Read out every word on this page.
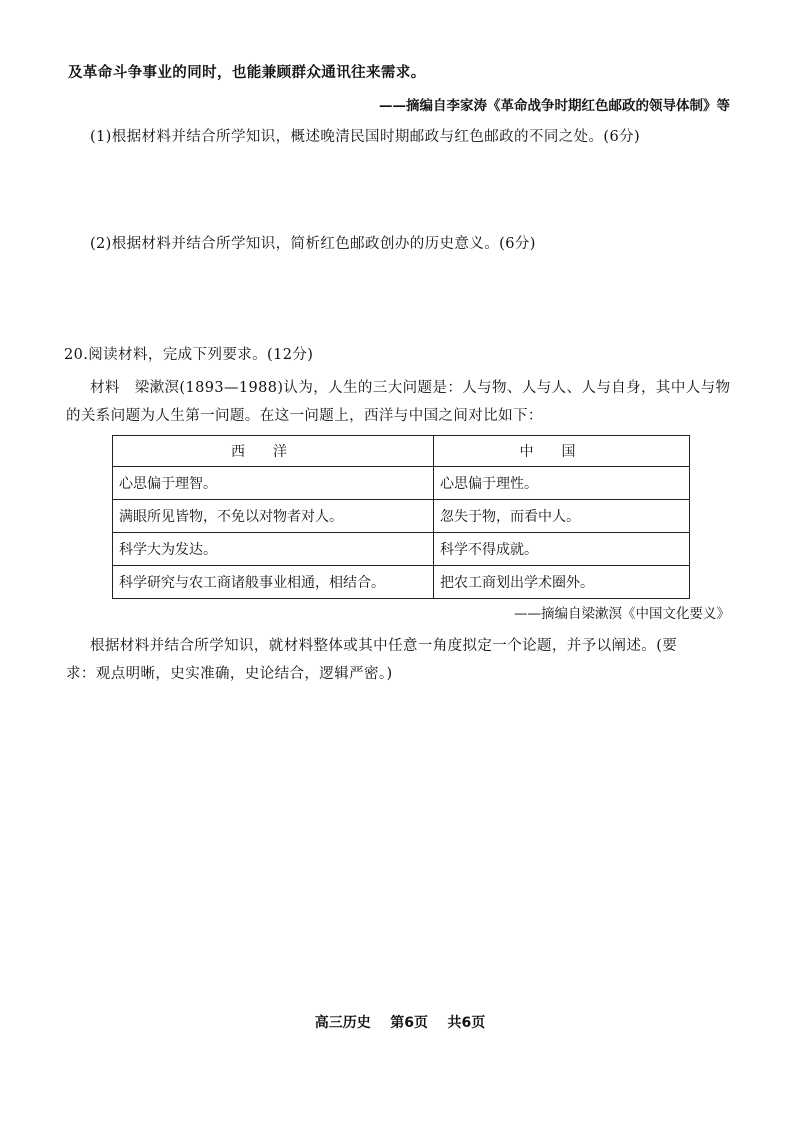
及革命斗争事业的同时，也能兼顾群众通讯往来需求。
——摘编自李家涛《革命战争时期红色邮政的领导体制》等
(1)根据材料并结合所学知识，概述晚清民国时期邮政与红色邮政的不同之处。(6分)
(2)根据材料并结合所学知识，简析红色邮政创办的历史意义。(6分)
20.阅读材料，完成下列要求。(12分)
材料　梁漱溟(1893—1988)认为，人生的三大问题是：人与物、人与人、人与自身，其中人与物
的关系问题为人生第一问题。在这一问题上，西洋与中国之间对比如下：
西洋	中国
心思偏于理智。	心思偏于理性。
满眼所见皆物，不免以对物者对人。	忽失于物，而看中人。
科学大为发达。	科学不得成就。
科学研究与农工商诸般事业相通，相结合。	把农工商划出学术圈外。
——摘编自梁漱溟《中国文化要义》
根据材料并结合所学知识，就材料整体或其中任意一角度拟定一个论题，并予以阐述。(要
求：观点明晰，史实准确，史论结合，逻辑严密。)
高三历史 第6页 共6页
